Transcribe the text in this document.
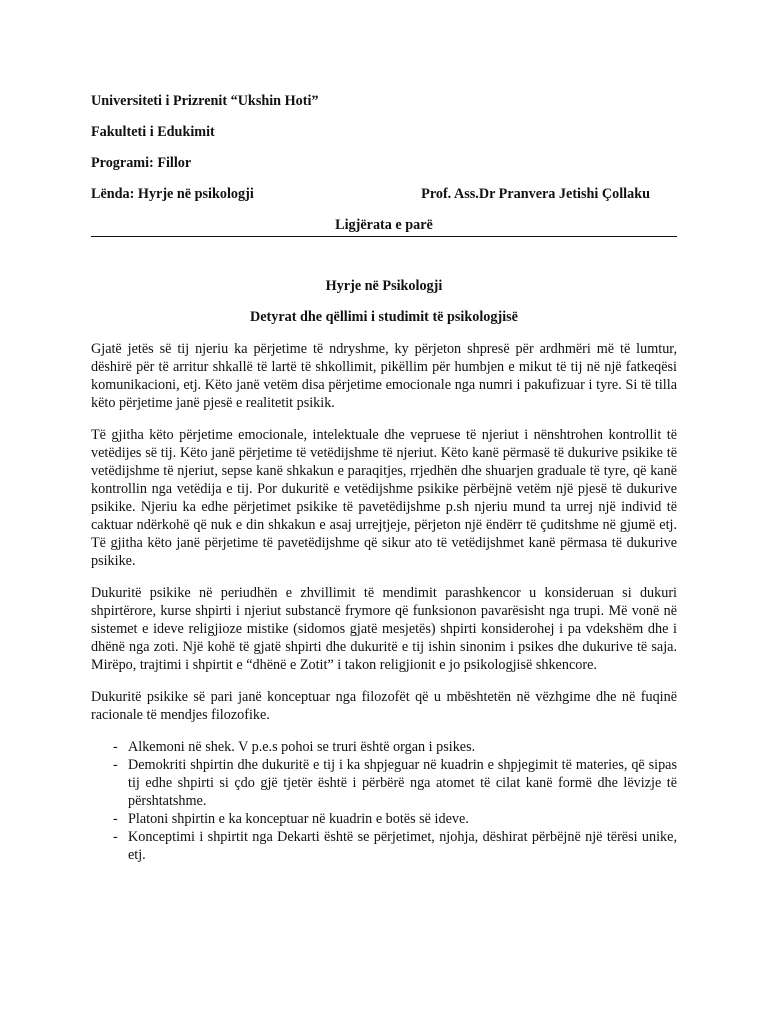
Universiteti i Prizrenit “Ukshin Hoti”

Fakulteti i Edukimit

Programi: Fillor

Lënda: Hyrje në psikologji	Prof. Ass.Dr Pranvera Jetishi Çollaku
Ligjërata e parë

Hyrje në Psikologji

Detyrat dhe qëllimi i studimit të psikologjisë

Gjatë jetës së tij njeriu ka përjetime të ndryshme, ky përjeton shpresë për ardhmëri më të lumtur, dëshirë për të arritur shkallë të lartë të shkollimit, pikëllim për humbjen e mikut të tij në një fatkeqësi komunikacioni, etj. Këto janë vetëm disa përjetime emocionale nga numri i pakufizuar i tyre. Si të tilla këto përjetime janë pjesë e realitetit psikik.

Të gjitha këto përjetime emocionale, intelektuale dhe vepruese të njeriut i nënshtrohen kontrollit të vetëdijes së tij. Këto janë përjetime të vetëdijshme të njeriut. Këto kanë përmasë të dukurive psikike të vetëdijshme të njeriut, sepse kanë shkakun e paraqitjes, rrjedhën dhe shuarjen graduale të tyre, që kanë kontrollin nga vetëdija e tij. Por dukuritë e vetëdijshme psikike përbëjnë vetëm një pjesë të dukurive psikike. Njeriu ka edhe përjetimet psikike të pavetëdijshme p.sh njeriu mund ta urrej një individ të caktuar ndërkohë që nuk e din shkakun e asaj urrejtjeje, përjeton një ëndërr të çuditshme në gjumë etj. Të gjitha këto janë përjetime të pavetëdijshme që sikur ato të vetëdijshmet kanë përmasa të dukurive psikike.

Dukuritë psikike në periudhën e zhvillimit të mendimit parashkencor u konsideruan si dukuri shpirtërore, kurse shpirti i njeriut substancë frymore që funksionon pavarësisht nga trupi. Më vonë në sistemet e ideve religjioze mistike (sidomos gjatë mesjetës) shpirti konsiderohej i pa vdekshëm dhe i dhënë nga zoti. Një kohë të gjatë shpirti dhe dukuritë e tij ishin sinonim i psikes dhe dukurive të saja. Mirëpo, trajtimi i shpirtit e “dhënë e Zotit” i takon religjionit e jo psikologjisë shkencore.

Dukuritë psikike së pari janë konceptuar nga filozofët që u mbështetën në vëzhgime dhe në fuqinë racionale të mendjes filozofike.

- Alkemoni në shek. V p.e.s pohoi se truri është organ i psikes.
- Demokriti shpirtin dhe dukuritë e tij i ka shpjeguar në kuadrin e shpjegimit të materies, që sipas tij edhe shpirti si çdo gjë tjetër është i përbërë nga atomet të cilat kanë formë dhe lëvizje të përshtatshme.
- Platoni shpirtin e ka konceptuar në kuadrin e botës së ideve.
- Konceptimi i shpirtit nga Dekarti është se përjetimet, njohja, dëshirat përbëjnë një tërësi unike, etj.
